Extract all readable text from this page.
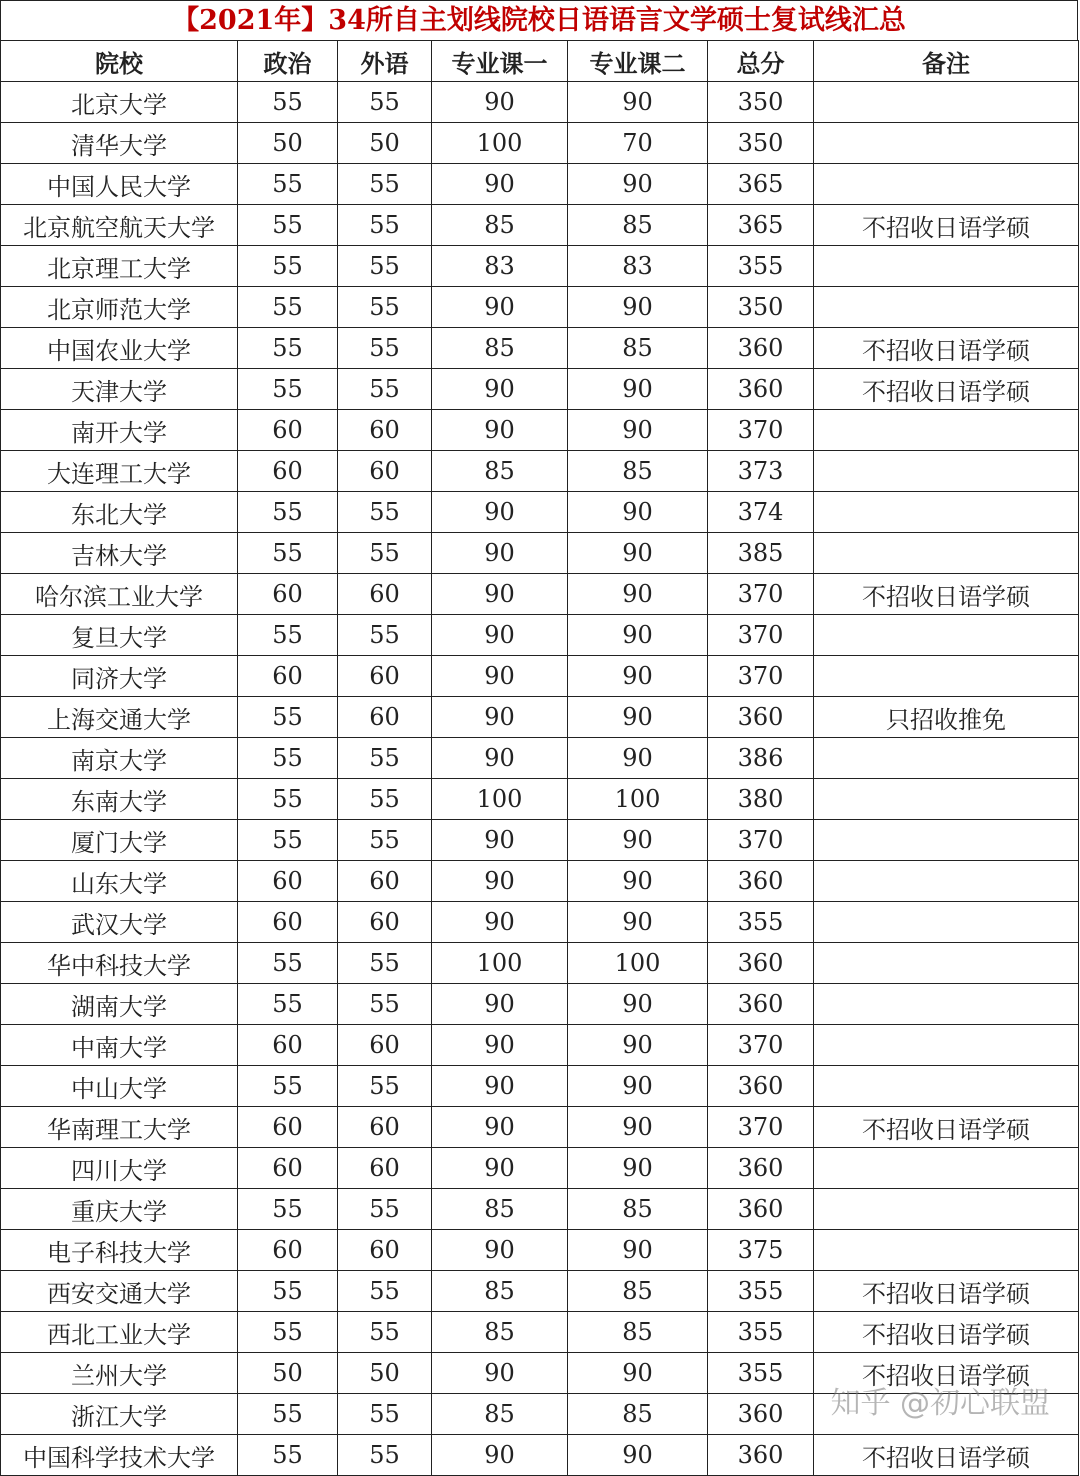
【2021年】34所自主划线院校日语语言文学硕士复试线汇总
院校	政治	外语	专业课一	专业课二	总分	备注
北京大学	55	55	90	90	350	
清华大学	50	50	100	70	350	
中国人民大学	55	55	90	90	365	
北京航空航天大学	55	55	85	85	365	不招收日语学硕
北京理工大学	55	55	83	83	355	
北京师范大学	55	55	90	90	350	
中国农业大学	55	55	85	85	360	不招收日语学硕
天津大学	55	55	90	90	360	不招收日语学硕
南开大学	60	60	90	90	370	
大连理工大学	60	60	85	85	373	
东北大学	55	55	90	90	374	
吉林大学	55	55	90	90	385	
哈尔滨工业大学	60	60	90	90	370	不招收日语学硕
复旦大学	55	55	90	90	370	
同济大学	60	60	90	90	370	
上海交通大学	55	60	90	90	360	只招收推免
南京大学	55	55	90	90	386	
东南大学	55	55	100	100	380	
厦门大学	55	55	90	90	370	
山东大学	60	60	90	90	360	
武汉大学	60	60	90	90	355	
华中科技大学	55	55	100	100	360	
湖南大学	55	55	90	90	360	
中南大学	60	60	90	90	370	
中山大学	55	55	90	90	360	
华南理工大学	60	60	90	90	370	不招收日语学硕
四川大学	60	60	90	90	360	
重庆大学	55	55	85	85	360	
电子科技大学	60	60	90	90	375	
西安交通大学	55	55	85	85	355	不招收日语学硕
西北工业大学	55	55	85	85	355	不招收日语学硕
兰州大学	50	50	90	90	355	不招收日语学硕
浙江大学	55	55	85	85	360	
中国科学技术大学	55	55	90	90	360	不招收日语学硕
知乎 @初心联盟
